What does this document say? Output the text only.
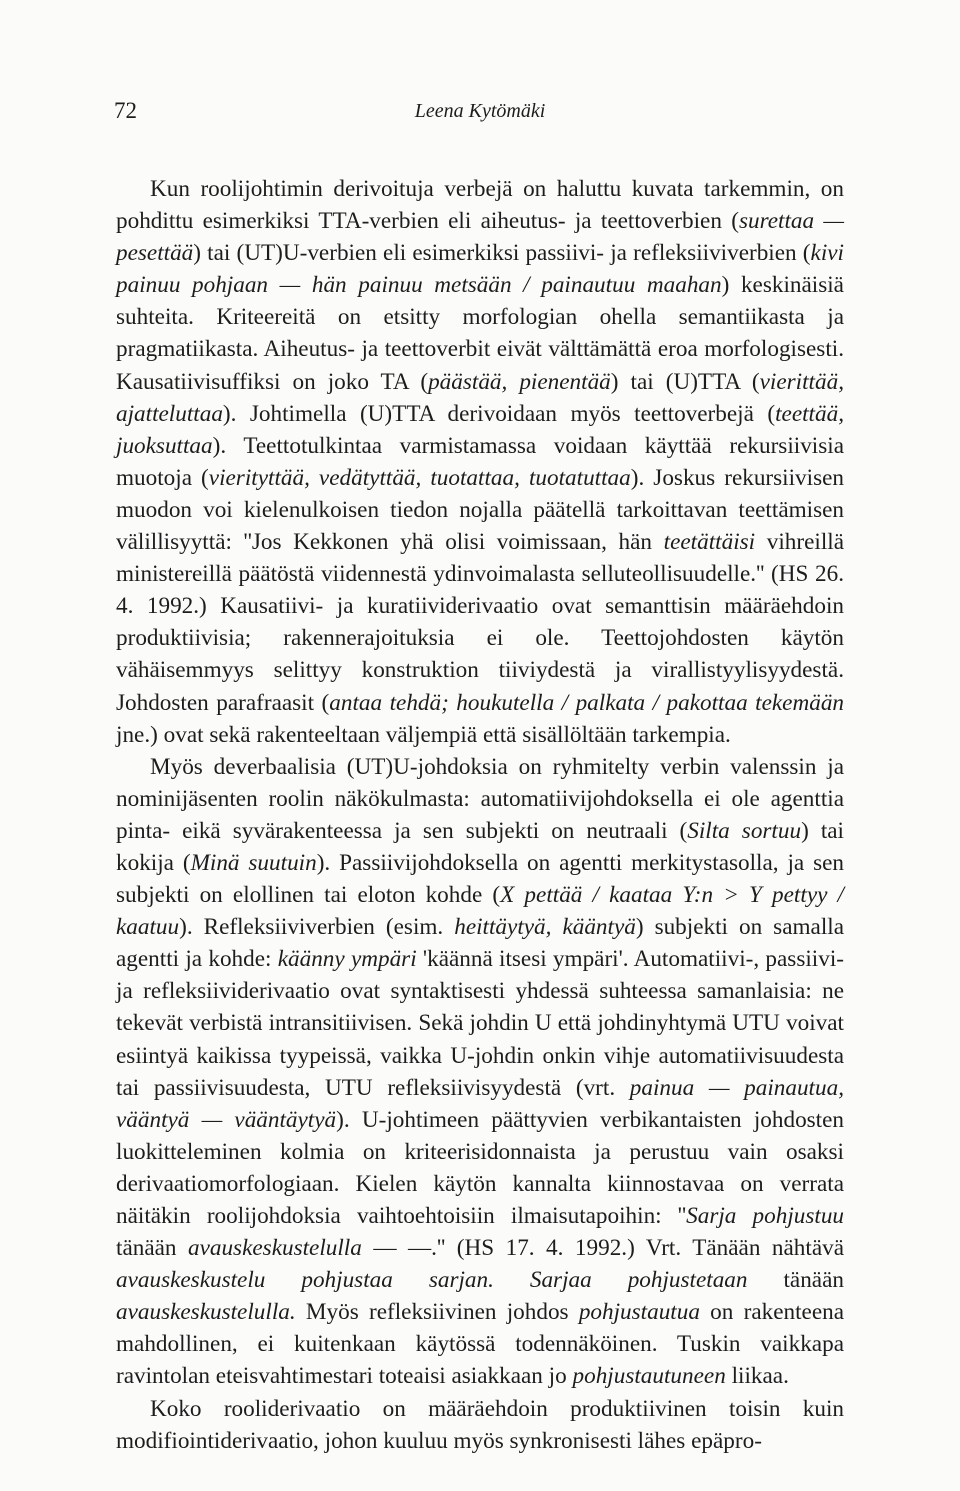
72	Leena Kytömäki

Kun roolijohtimin derivoituja verbejä on haluttu kuvata tarkemmin, on pohdittu esimerkiksi TTA-verbien eli aiheutus- ja teettoverbien (surettaa — pesettää) tai (UT)U-verbien eli esimerkiksi passiivi- ja refleksiiviverbien (kivi painuu pohjaan — hän painuu metsään / painautuu maahan) keskinäisiä suhteita. Kriteereitä on etsitty morfologian ohella semantiikasta ja pragmatiikasta. Aiheutus- ja teettoverbit eivät välttämättä eroa morfologisesti. Kausatiivisuffiksi on joko TA (päästää, pienentää) tai (U)TTA (vierittää, ajatteluttaa). Johtimella (U)TTA derivoidaan myös teettoverbejä (teettää, juoksuttaa). Teettotulkintaa varmistamassa voidaan käyttää rekursiivisia muotoja (vierityttää, vedätyttää, tuotattaa, tuotatuttaa). Joskus rekursiivisen muodon voi kielenulkoisen tiedon nojalla päätellä tarkoittavan teettämisen välillisyyttä: ''Jos Kekkonen yhä olisi voimissaan, hän teetättäisi vihreillä ministereillä päätöstä viidennestä ydinvoimalasta selluteollisuudelle.'' (HS 26. 4. 1992.) Kausatiivi- ja kuratiividerivaatio ovat semanttisin määräehdoin produktiivisia; rakennerajoituksia ei ole. Teettojohdosten käytön vähäisemmyys selittyy konstruktion tiiviydestä ja virallistyylisyydestä. Johdosten parafraasit (antaa tehdä; houkutella / palkata / pakottaa tekemään jne.) ovat sekä rakenteeltaan väljempiä että sisällöltään tarkempia.

Myös deverbaalisia (UT)U-johdoksia on ryhmitelty verbin valenssin ja nominijäsenten roolin näkökulmasta: automatiivijohdoksella ei ole agenttia pinta- eikä syvärakenteessa ja sen subjekti on neutraali (Silta sortuu) tai kokija (Minä suutuin). Passiivijohdoksella on agentti merkitystasolla, ja sen subjekti on elollinen tai eloton kohde (X pettää / kaataa Y:n > Y pettyy / kaatuu). Refleksiiviverbien (esim. heittäytyä, kääntyä) subjekti on samalla agentti ja kohde: käänny ympäri 'käännä itsesi ympäri'. Automatiivi-, passiivi- ja refleksiividerivaatio ovat syntaktisesti yhdessä suhteessa samanlaisia: ne tekevät verbistä intransitiivisen. Sekä johdin U että johdinyhtymä UTU voivat esiintyä kaikissa tyypeissä, vaikka U-johdin onkin vihje automatiivisuudesta tai passiivisuudesta, UTU refleksiivisyydestä (vrt. painua — painautua, vääntyä — vääntäytyä). U-johtimeen päättyvien verbikantaisten johdosten luokitteleminen kolmia on kriteerisidonnaista ja perustuu vain osaksi derivaatiomorfologiaan. Kielen käytön kannalta kiinnostavaa on verrata näitäkin roolijohdoksia vaihtoehtoisiin ilmaisutapoihin: ''Sarja pohjustuu tänään avauskeskustelulla — —.'' (HS 17. 4. 1992.) Vrt. Tänään nähtävä avauskeskustelu pohjustaa sarjan. Sarjaa pohjustetaan tänään avauskeskustelulla. Myös refleksiivinen johdos pohjustautua on rakenteena mahdollinen, ei kuitenkaan käytössä todennäköinen. Tuskin vaikkapa ravintolan eteisvahtimestari toteaisi asiakkaan jo pohjustautuneen liikaa.

Koko rooliderivaatio on määräehdoin produktiivinen toisin kuin modifiointiderivaatio, johon kuuluu myös synkronisesti lähes epäpro-
